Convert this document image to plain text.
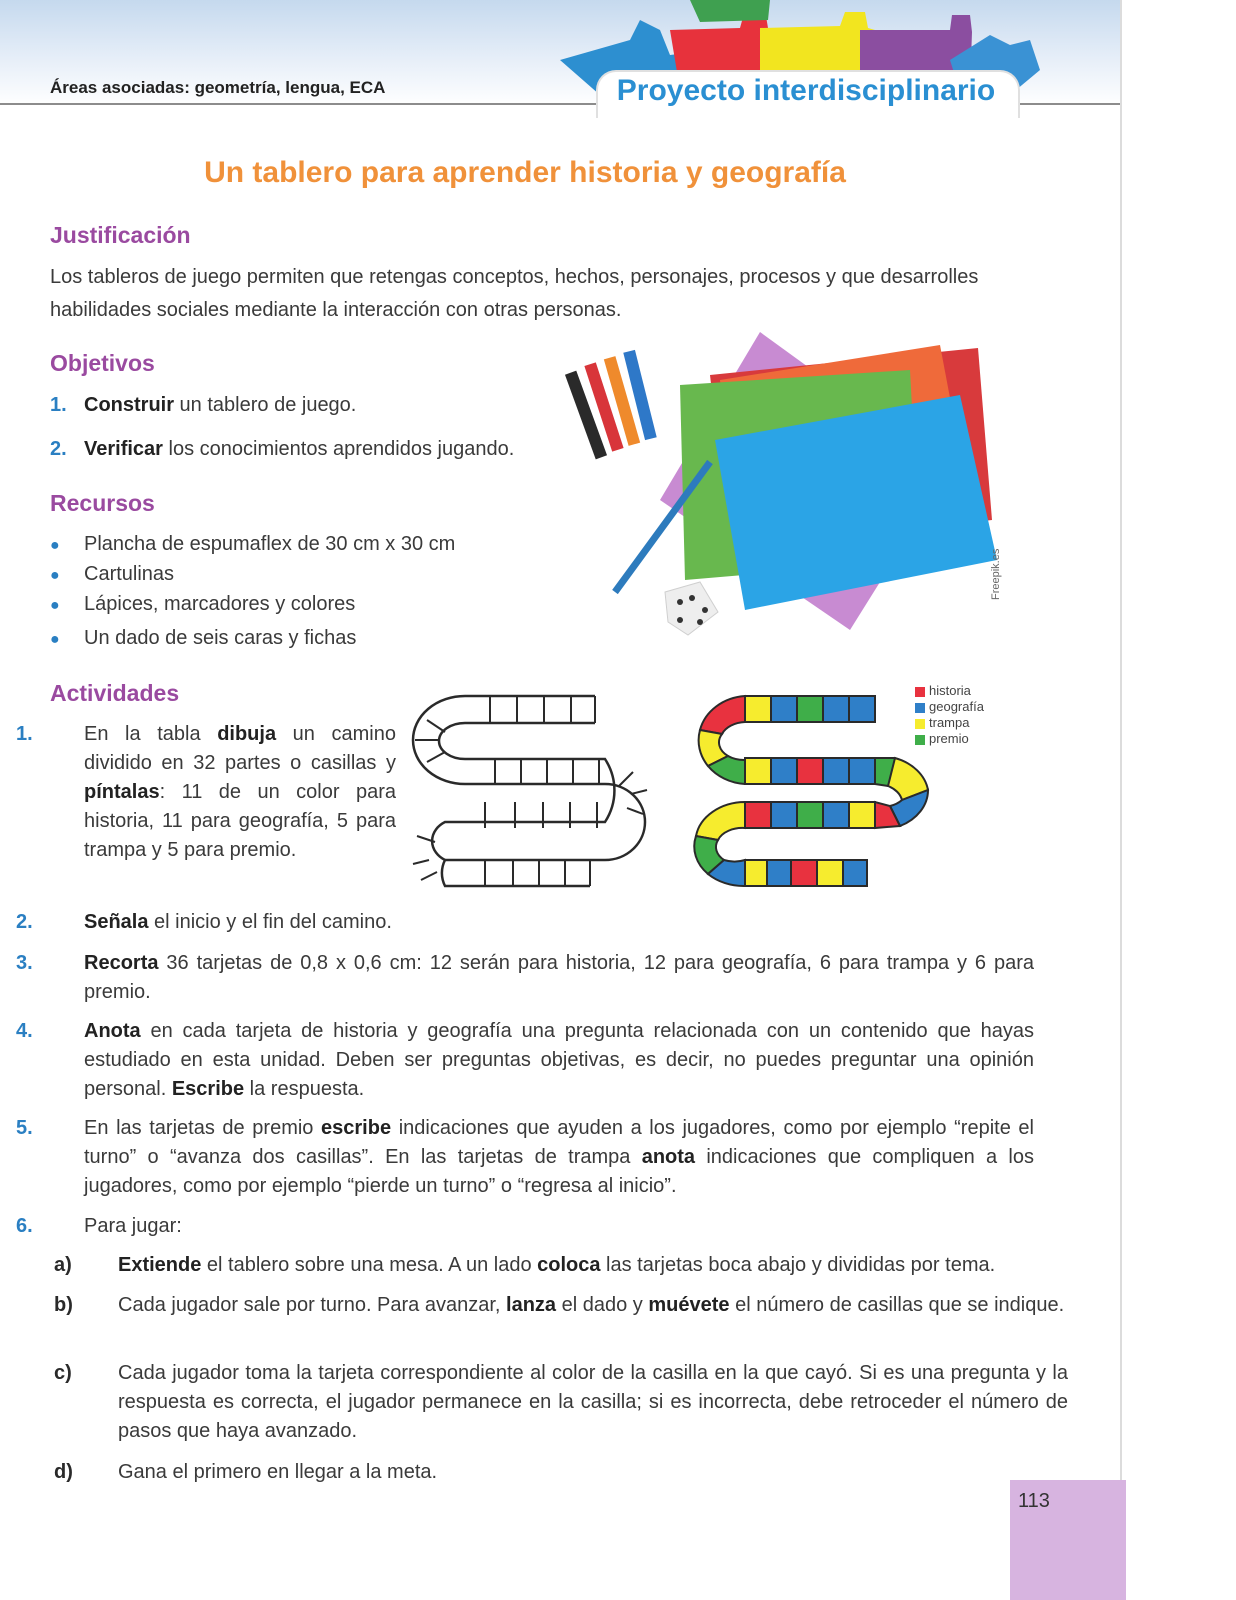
Áreas asociadas: geometría, lengua, ECA	Proyecto interdisciplinario
Un tablero para aprender historia y geografía
Justificación
Los tableros de juego permiten que retengas conceptos, hechos, personajes, procesos y que desarrolles habilidades sociales mediante la interacción con otras personas.
Objetivos
1. Construir un tablero de juego.
2. Verificar los conocimientos aprendidos jugando.
Recursos
● Plancha de espumaflex de 30 cm x 30 cm
● Cartulinas
● Lápices, marcadores y colores
● Un dado de seis caras y fichas
Freepik.es
Actividades
1.	En la tabla dibuja un camino dividido en 32 partes o casillas y píntalas: 11 de un color para historia, 11 para geografía, 5 para trampa y 5 para premio.
historia
geografía
trampa
premio
2.	Señala el inicio y el fin del camino.
3.	Recorta 36 tarjetas de 0,8 x 0,6 cm: 12 serán para historia, 12 para geografía, 6 para trampa y 6 para premio.
4.	Anota en cada tarjeta de historia y geografía una pregunta relacionada con un contenido que hayas estudiado en esta unidad. Deben ser preguntas objetivas, es decir, no puedes preguntar una opinión personal. Escribe la respuesta.
5.	En las tarjetas de premio escribe indicaciones que ayuden a los jugadores, como por ejemplo “repite el turno” o “avanza dos casillas”. En las tarjetas de trampa anota indicaciones que compliquen a los jugadores, como por ejemplo “pierde un turno” o “regresa al inicio”.
6.	Para jugar:
a) Extiende el tablero sobre una mesa. A un lado coloca las tarjetas boca abajo y divididas por tema.
b) Cada jugador sale por turno. Para avanzar, lanza el dado y muévete el número de casillas que se indique.
c) Cada jugador toma la tarjeta correspondiente al color de la casilla en la que cayó. Si es una pregunta y la respuesta es correcta, el jugador permanece en la casilla; si es incorrecta, debe retroceder el número de pasos que haya avanzado.
d) Gana el primero en llegar a la meta.
113
